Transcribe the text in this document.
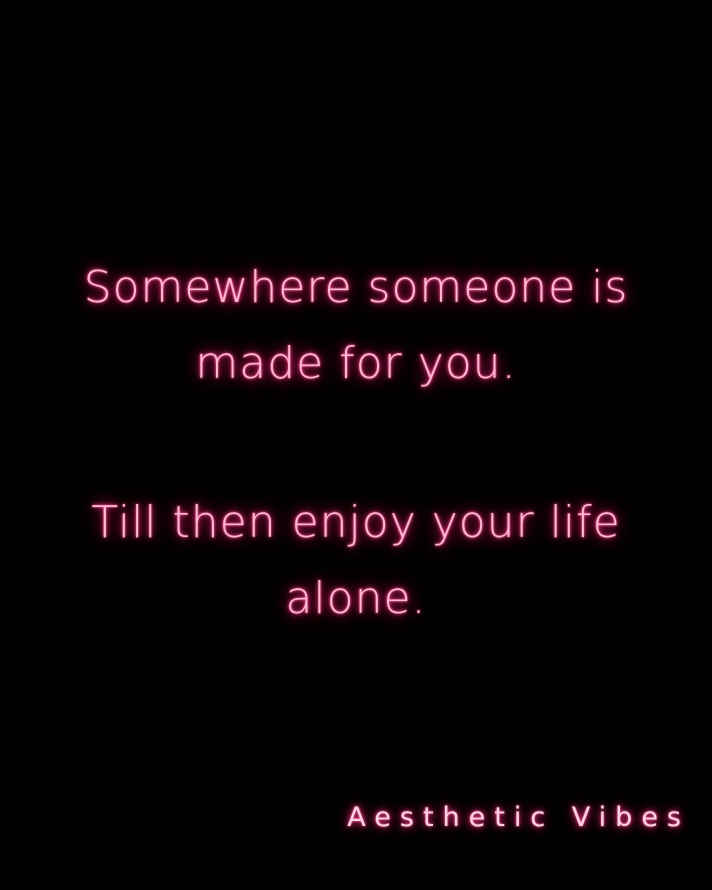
Somewhere someone is
made for you.
Till then enjoy your life
alone.
Aesthetic Vibes
